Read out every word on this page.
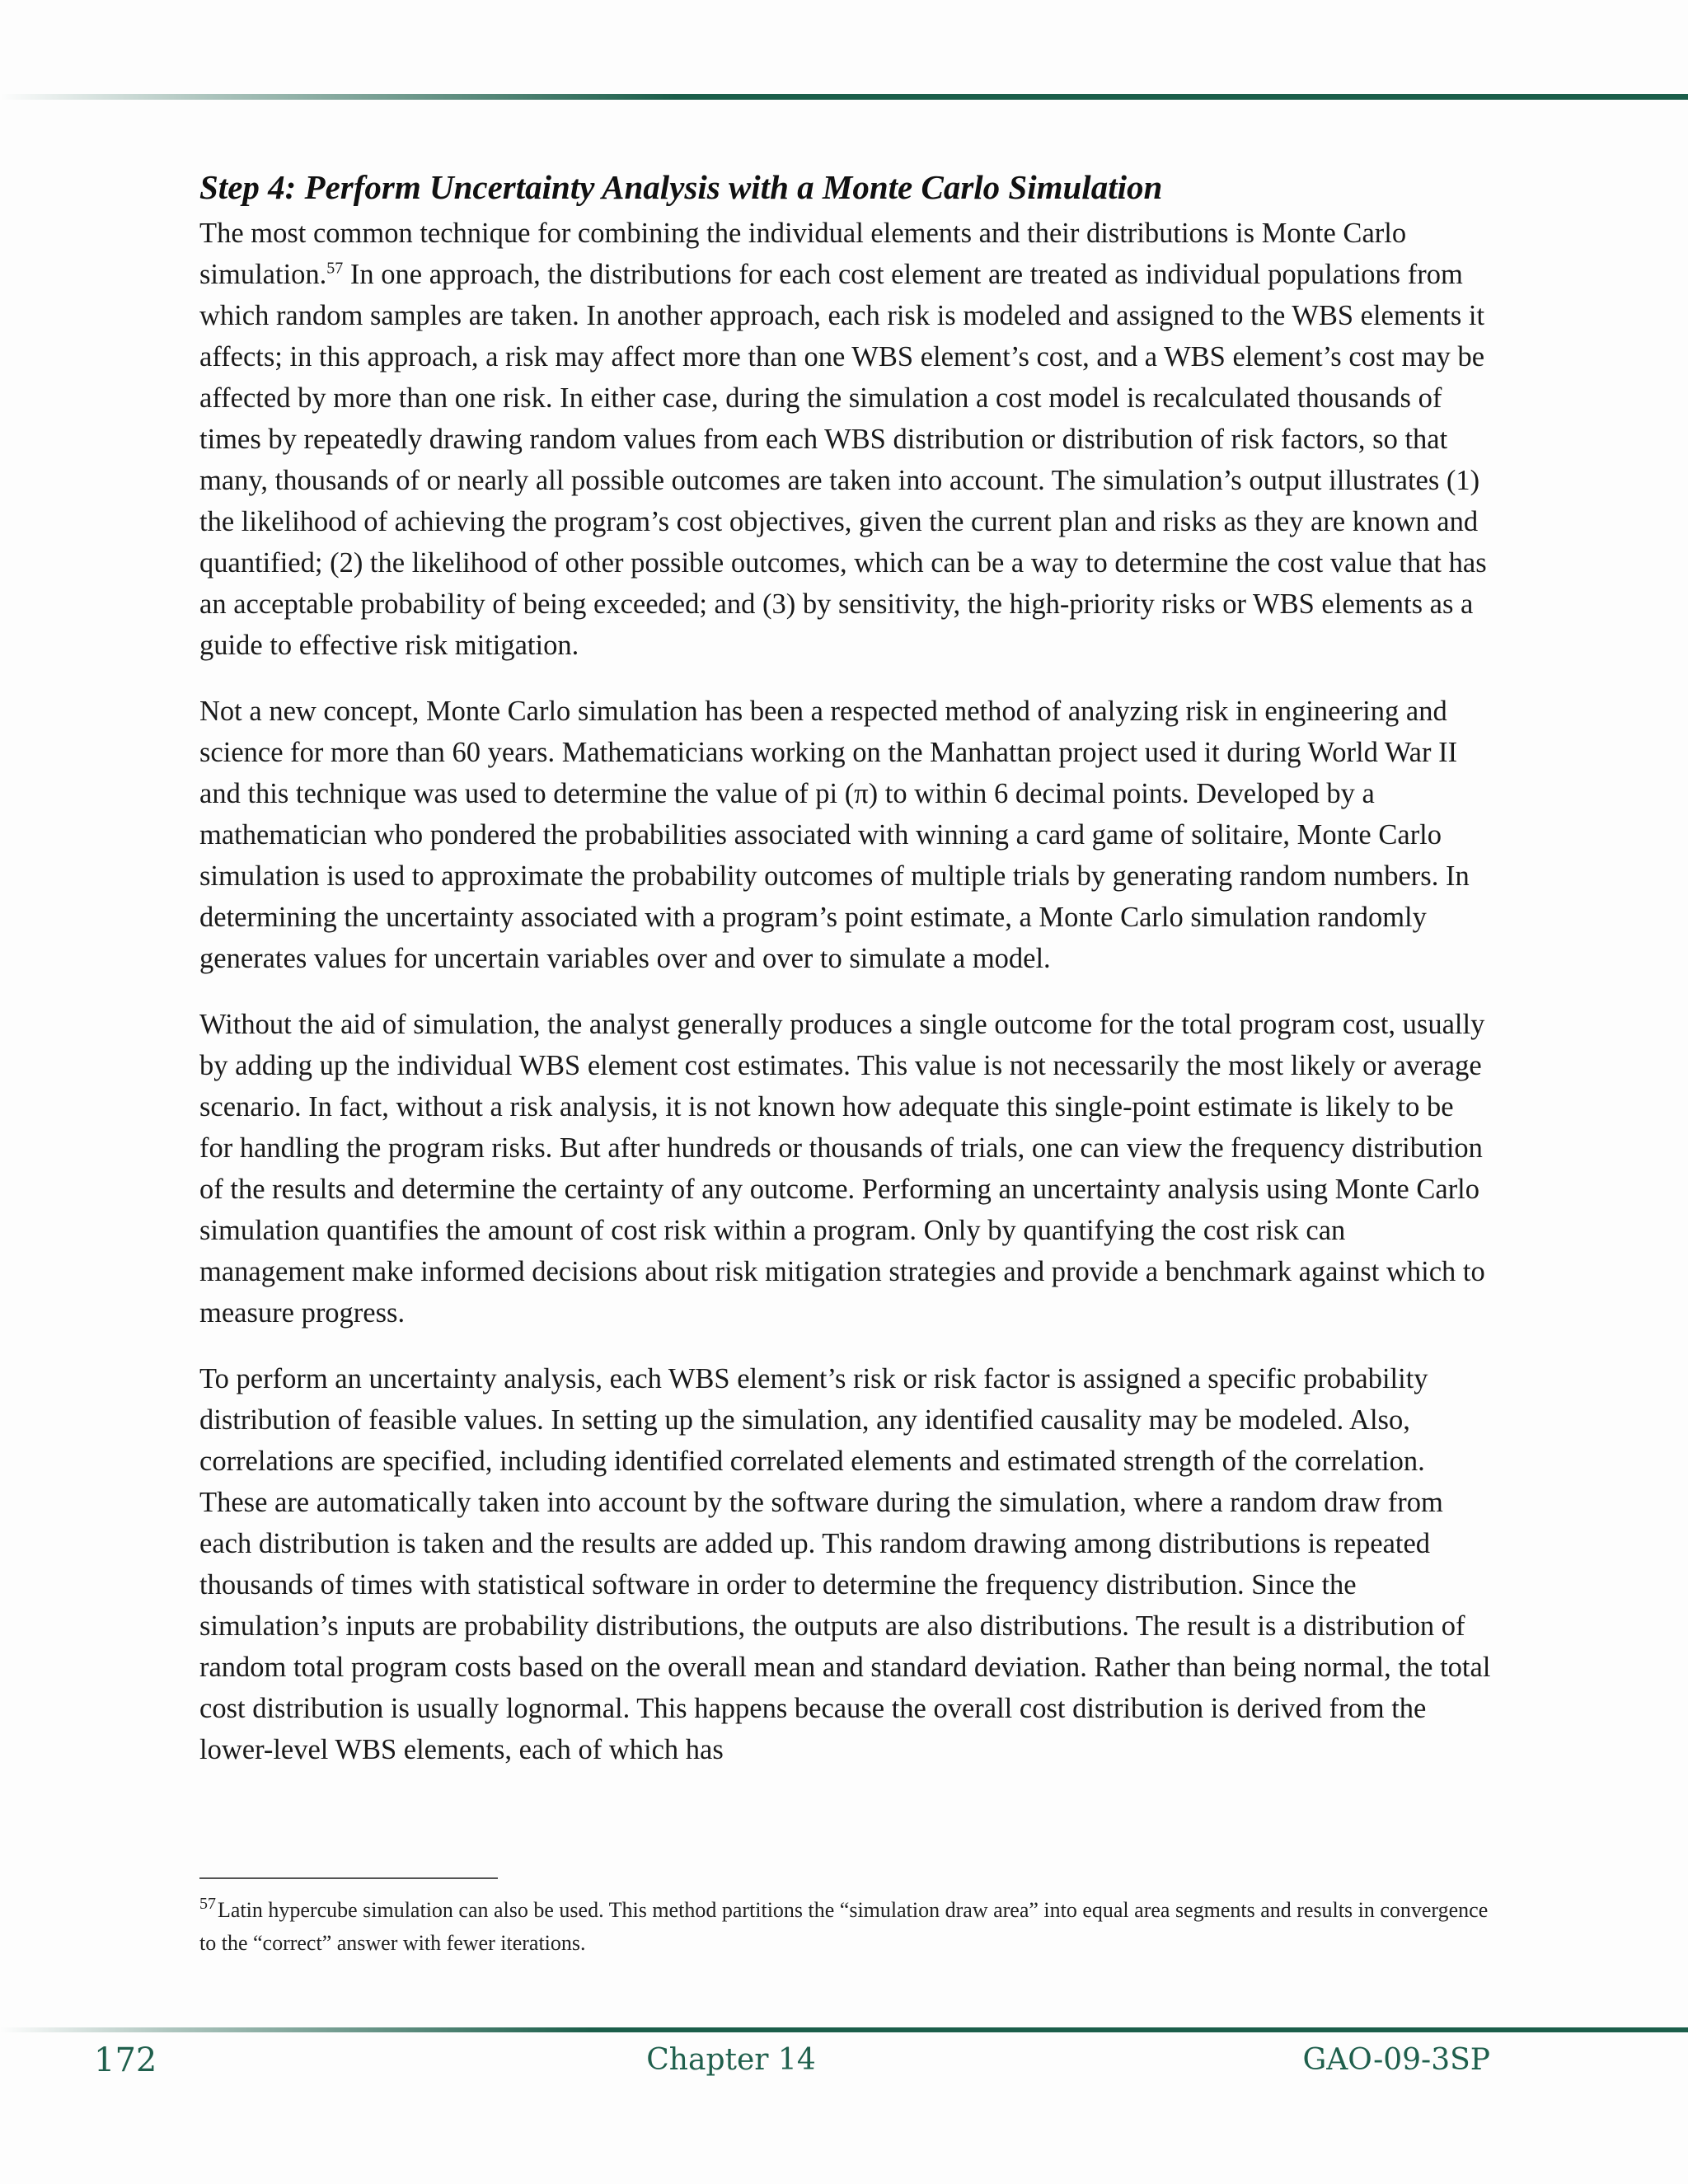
Step 4: Perform Uncertainty Analysis with a Monte Carlo Simulation

The most common technique for combining the individual elements and their distributions is Monte Carlo simulation.$^{57}$ In one approach, the distributions for each cost element are treated as individual populations from which random samples are taken. In another approach, each risk is modeled and assigned to the WBS elements it affects; in this approach, a risk may affect more than one WBS element’s cost, and a WBS element’s cost may be affected by more than one risk. In either case, during the simulation a cost model is recalculated thousands of times by repeatedly drawing random values from each WBS distribution or distribution of risk factors, so that many, thousands of or nearly all possible outcomes are taken into account. The simulation’s output illustrates (1) the likelihood of achieving the program’s cost objectives, given the current plan and risks as they are known and quantified; (2) the likelihood of other possible outcomes, which can be a way to determine the cost value that has an acceptable probability of being exceeded; and (3) by sensitivity, the high-priority risks or WBS elements as a guide to effective risk mitigation.

Not a new concept, Monte Carlo simulation has been a respected method of analyzing risk in engineering and science for more than 60 years. Mathematicians working on the Manhattan project used it during World War II and this technique was used to determine the value of pi (π) to within 6 decimal points. Developed by a mathematician who pondered the probabilities associated with winning a card game of solitaire, Monte Carlo simulation is used to approximate the probability outcomes of multiple trials by generating random numbers. In determining the uncertainty associated with a program’s point estimate, a Monte Carlo simulation randomly generates values for uncertain variables over and over to simulate a model.

Without the aid of simulation, the analyst generally produces a single outcome for the total program cost, usually by adding up the individual WBS element cost estimates. This value is not necessarily the most likely or average scenario. In fact, without a risk analysis, it is not known how adequate this single-point estimate is likely to be for handling the program risks. But after hundreds or thousands of trials, one can view the frequency distribution of the results and determine the certainty of any outcome. Performing an uncertainty analysis using Monte Carlo simulation quantifies the amount of cost risk within a program. Only by quantifying the cost risk can management make informed decisions about risk mitigation strategies and provide a benchmark against which to measure progress.

To perform an uncertainty analysis, each WBS element’s risk or risk factor is assigned a specific probability distribution of feasible values. In setting up the simulation, any identified causality may be modeled. Also, correlations are specified, including identified correlated elements and estimated strength of the correlation. These are automatically taken into account by the software during the simulation, where a random draw from each distribution is taken and the results are added up. This random drawing among distributions is repeated thousands of times with statistical software in order to determine the frequency distribution. Since the simulation’s inputs are probability distributions, the outputs are also distributions. The result is a distribution of random total program costs based on the overall mean and standard deviation. Rather than being normal, the total cost distribution is usually lognormal. This happens because the overall cost distribution is derived from the lower-level WBS elements, each of which has

$^{57}$Latin hypercube simulation can also be used. This method partitions the “simulation draw area” into equal area segments and results in convergence to the “correct” answer with fewer iterations.
172	Chapter 14	GAO-09-3SP
